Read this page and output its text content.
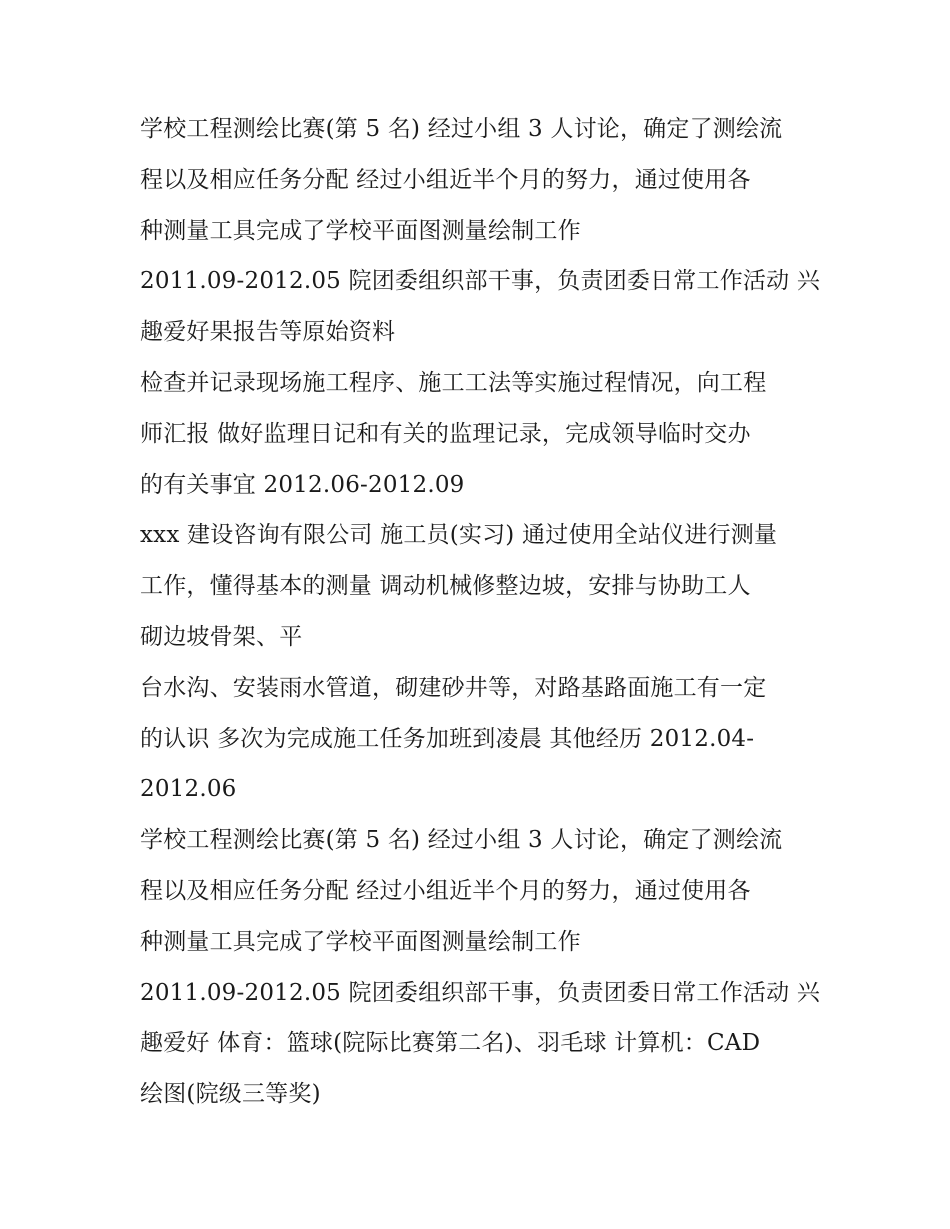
学校工程测绘比赛(第 5 名) 经过小组 3 人讨论，确定了测绘流
程以及相应任务分配 经过小组近半个月的努力，通过使用各
种测量工具完成了学校平面图测量绘制工作
2011.09-2012.05 院团委组织部干事，负责团委日常工作活动 兴
趣爱好果报告等原始资料
检查并记录现场施工程序、施工工法等实施过程情况，向工程
师汇报 做好监理日记和有关的监理记录，完成领导临时交办
的有关事宜 2012.06-2012.09
xxx 建设咨询有限公司 施工员(实习) 通过使用全站仪进行测量
工作，懂得基本的测量 调动机械修整边坡，安排与协助工人
砌边坡骨架、平
台水沟、安装雨水管道，砌建砂井等，对路基路面施工有一定
的认识 多次为完成施工任务加班到凌晨 其他经历 2012.04-
2012.06
学校工程测绘比赛(第 5 名) 经过小组 3 人讨论，确定了测绘流
程以及相应任务分配 经过小组近半个月的努力，通过使用各
种测量工具完成了学校平面图测量绘制工作
2011.09-2012.05 院团委组织部干事，负责团委日常工作活动 兴
趣爱好 体育：篮球(院际比赛第二名)、羽毛球 计算机：CAD
绘图(院级三等奖)
